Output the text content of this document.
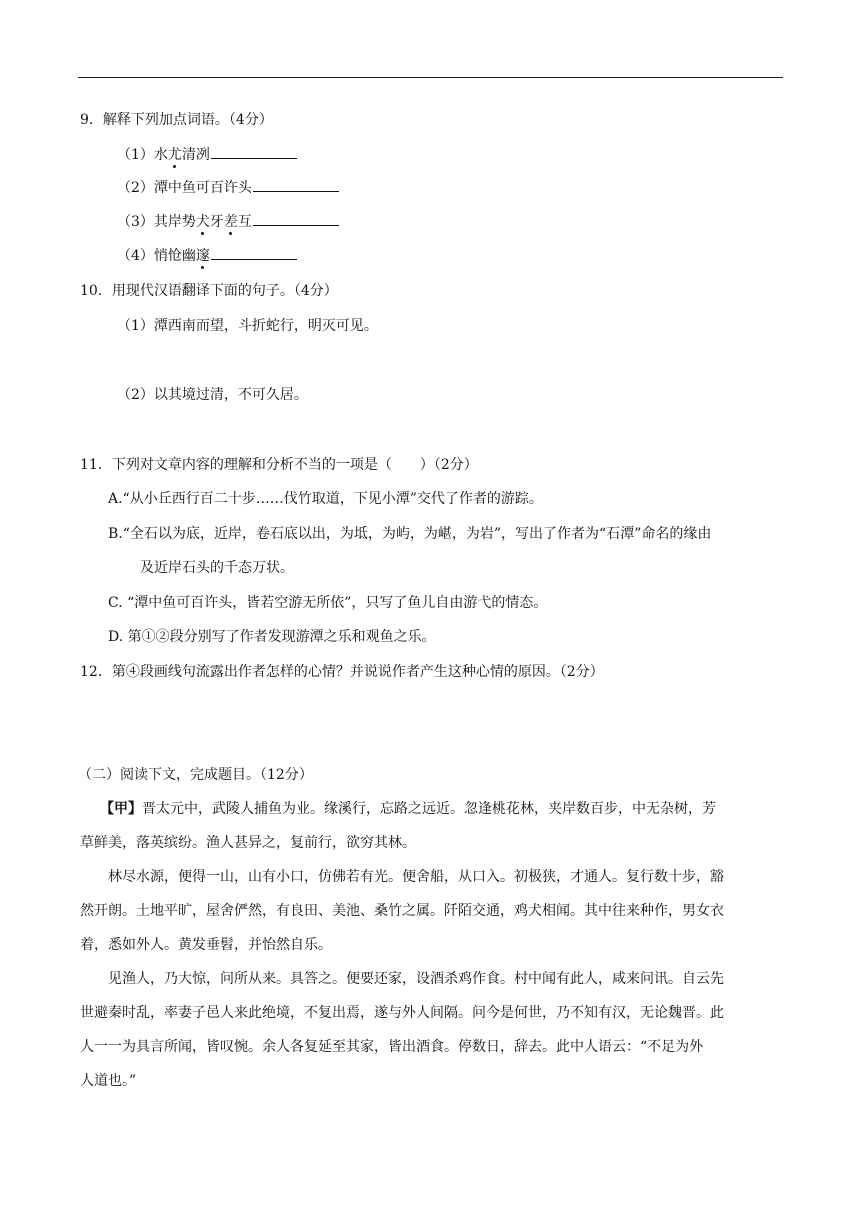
9．解释下列加点词语。（4分）
（1）水尤清冽
（2）潭中鱼可百许头
（3）其岸势犬牙差互
（4）悄怆幽邃
10．用现代汉语翻译下面的句子。（4分）
（1）潭西南而望，斗折蛇行，明灭可见。
（2）以其境过清，不可久居。
11．下列对文章内容的理解和分析不当的一项是（　　）（2分）
A.“从小丘西行百二十步……伐竹取道，下见小潭”交代了作者的游踪。
B.“全石以为底，近岸，卷石底以出，为坻，为屿，为嵁，为岩”，写出了作者为“石潭”命名的缘由
及近岸石头的千态万状。
C. “潭中鱼可百许头，皆若空游无所依”，只写了鱼儿自由游弋的情态。
D. 第①②段分别写了作者发现游潭之乐和观鱼之乐。
12．第④段画线句流露出作者怎样的心情？并说说作者产生这种心情的原因。（2分）
（二）阅读下文，完成题目。（12分）
【甲】晋太元中，武陵人捕鱼为业。缘溪行，忘路之远近。忽逢桃花林，夹岸数百步，中无杂树，芳
草鲜美，落英缤纷。渔人甚异之，复前行，欲穷其林。
林尽水源，便得一山，山有小口，仿佛若有光。便舍船，从口入。初极狭，才通人。复行数十步，豁
然开朗。土地平旷，屋舍俨然，有良田、美池、桑竹之属。阡陌交通，鸡犬相闻。其中往来种作，男女衣
着，悉如外人。黄发垂髫，并怡然自乐。
见渔人，乃大惊，问所从来。具答之。便要还家，设酒杀鸡作食。村中闻有此人，咸来问讯。自云先
世避秦时乱，率妻子邑人来此绝境，不复出焉，遂与外人间隔。问今是何世，乃不知有汉，无论魏晋。此
人一一为具言所闻，皆叹惋。余人各复延至其家，皆出酒食。停数日，辞去。此中人语云：“不足为外
人道也。”
